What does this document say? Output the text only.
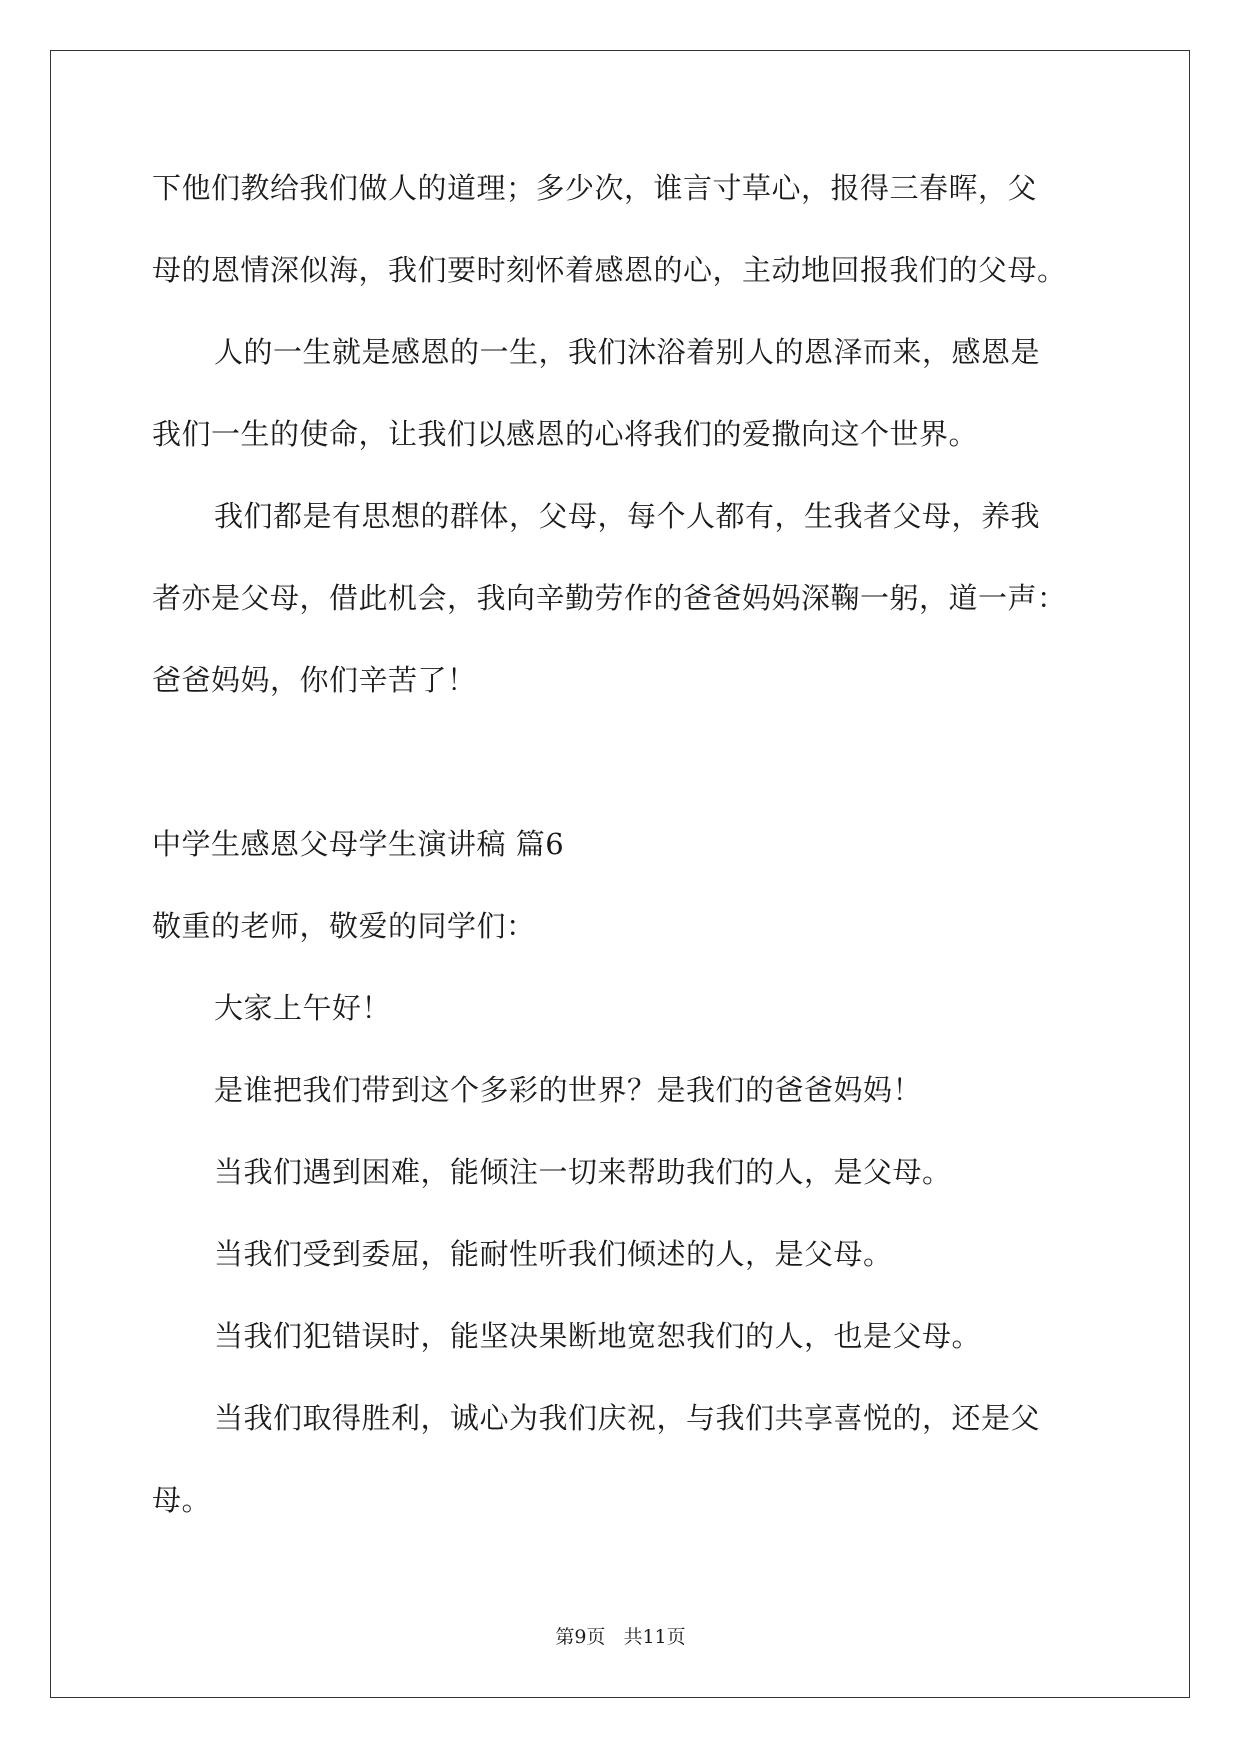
下他们教给我们做人的道理；多少次，谁言寸草心，报得三春晖，父
母的恩情深似海，我们要时刻怀着感恩的心，主动地回报我们的父母。
人的一生就是感恩的一生，我们沐浴着别人的恩泽而来，感恩是
我们一生的使命，让我们以感恩的心将我们的爱撒向这个世界。
我们都是有思想的群体，父母，每个人都有，生我者父母，养我
者亦是父母，借此机会，我向辛勤劳作的爸爸妈妈深鞠一躬，道一声：
爸爸妈妈，你们辛苦了！
中学生感恩父母学生演讲稿 篇6
敬重的老师，敬爱的同学们：
大家上午好！
是谁把我们带到这个多彩的世界？是我们的爸爸妈妈！
当我们遇到困难，能倾注一切来帮助我们的人，是父母。
当我们受到委屈，能耐性听我们倾述的人，是父母。
当我们犯错误时，能坚决果断地宽恕我们的人，也是父母。
当我们取得胜利，诚心为我们庆祝，与我们共享喜悦的，还是父
母。
第9页 共11页
